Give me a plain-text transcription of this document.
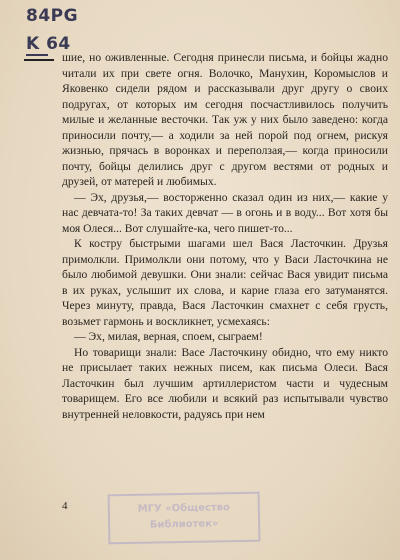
84PG
K 64

шие, но оживленные. Сегодня принесли письма, и бойцы жадно читали их при свете огня. Волочко, Манухин, Коромыслов и Яковенко сидели рядом и рассказывали друг другу о своих подругах, от которых им сегодня посчастливилось получить милые и желанные весточки. Так уж у них было заведено: когда приносили почту,— а ходили за ней порой под огнем, рискуя жизнью, прячась в воронках и переползая,— когда приносили почту, бойцы делились друг с другом вестями от родных и друзей, от матерей и любимых.

— Эх, друзья,— восторженно сказал один из них,— какие у нас девчата-то! За таких девчат — в огонь и в воду... Вот хотя бы моя Олеся... Вот слушайте-ка, чего пишет-то...

К костру быстрыми шагами шел Вася Ласточкин. Друзья примолкли. Примолкли они потому, что у Васи Ласточкина не было любимой девушки. Они знали: сейчас Вася увидит письма в их руках, услышит их слова, и карие глаза его затуманятся. Через минуту, правда, Вася Ласточкин смахнет с себя грусть, возьмет гармонь и воскликнет, усмехаясь:

— Эх, милая, верная, споем, сыграем!

Но товарищи знали: Васе Ласточкину обидно, что ему никто не присылает таких нежных писем, как письма Олеси. Вася Ласточкин был лучшим артиллеристом части и чудесным товарищем. Его все любили и всякий раз испытывали чувство внутренней неловкости, радуясь при нем

4	МГУ «Общество
Библиотек»
